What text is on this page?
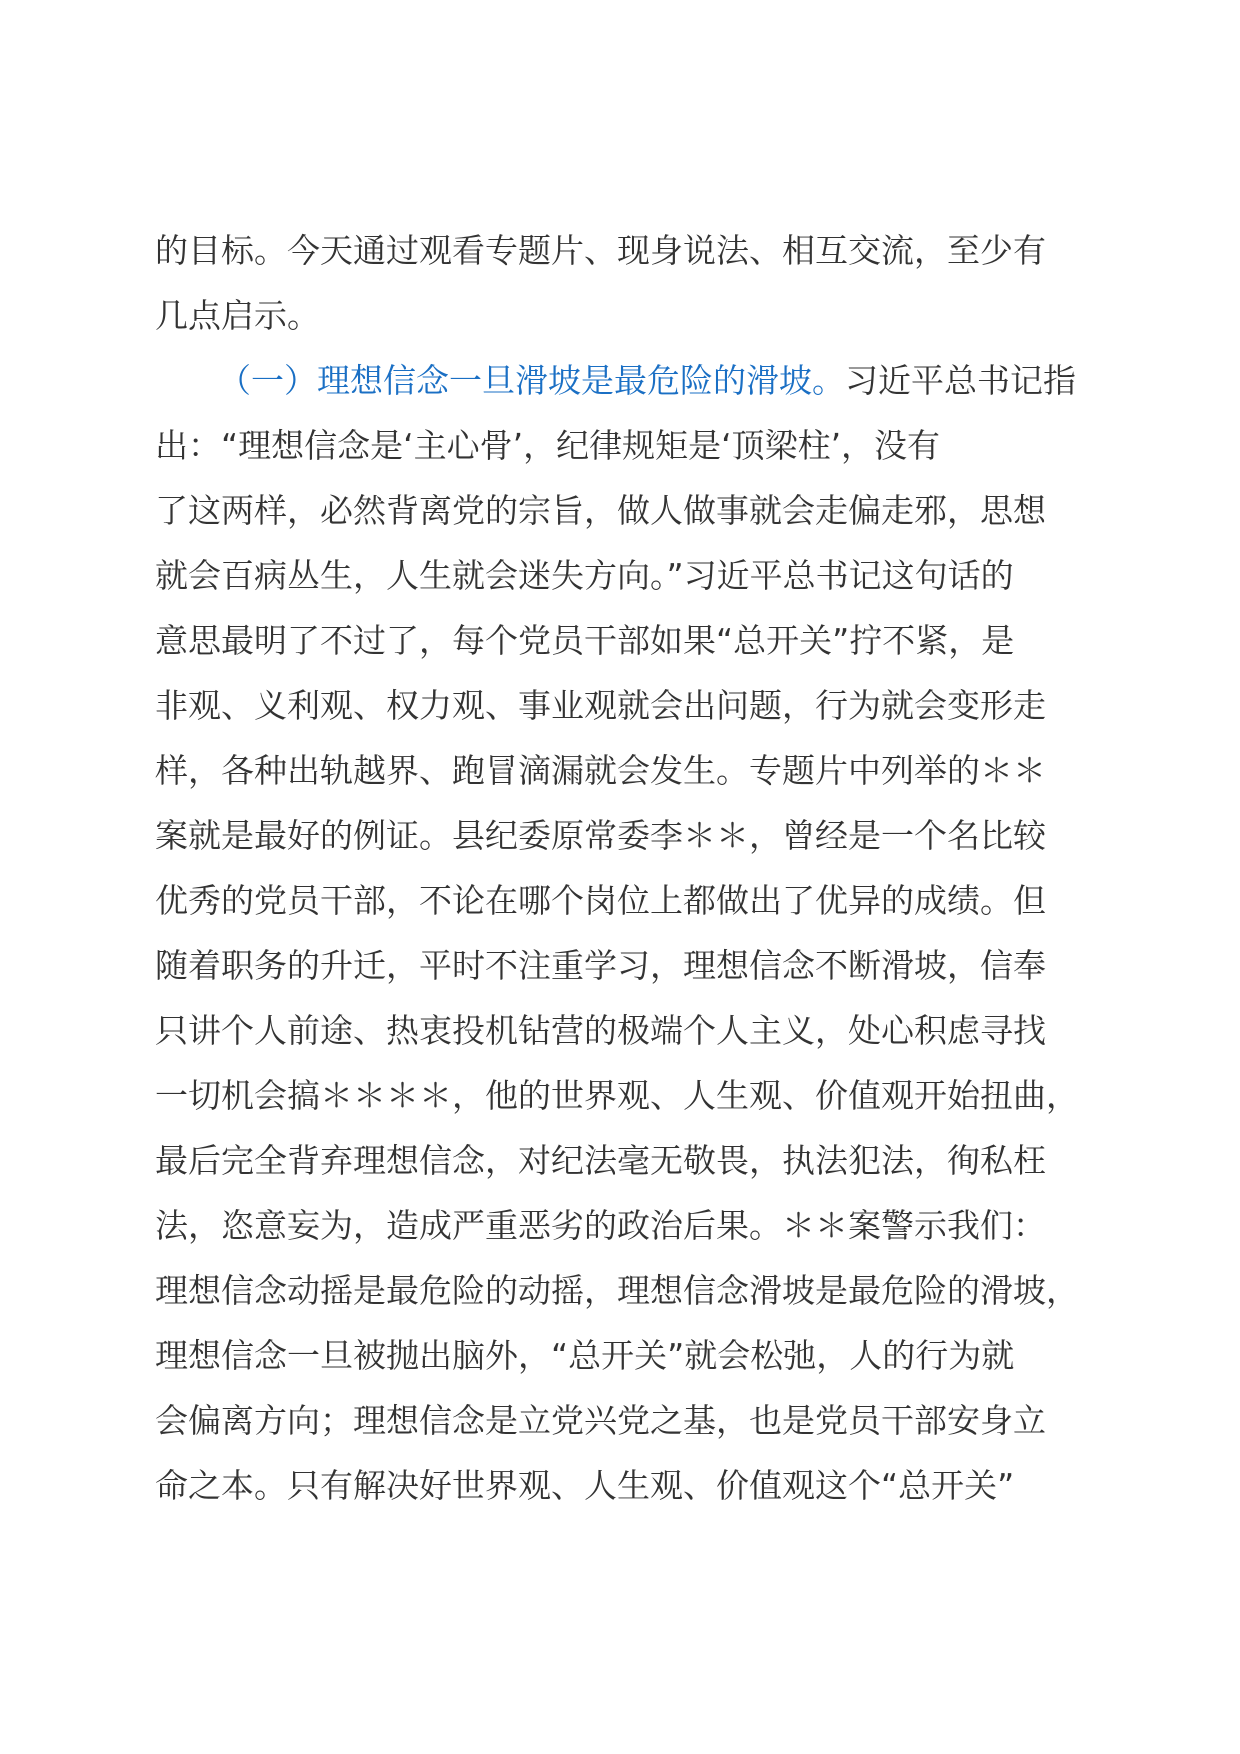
的目标。今天通过观看专题片、现身说法、相互交流，至少有
几点启示。
（一）理想信念一旦滑坡是最危险的滑坡。习近平总书记指
出：“理想信念是‘主心骨’，纪律规矩是‘顶梁柱’，没有
了这两样，必然背离党的宗旨，做人做事就会走偏走邪，思想
就会百病丛生，人生就会迷失方向。”习近平总书记这句话的
意思最明了不过了，每个党员干部如果“总开关”拧不紧，是
非观、义利观、权力观、事业观就会出问题，行为就会变形走
样，各种出轨越界、跑冒滴漏就会发生。专题片中列举的＊＊
案就是最好的例证。县纪委原常委李＊＊，曾经是一个名比较
优秀的党员干部，不论在哪个岗位上都做出了优异的成绩。但
随着职务的升迁，平时不注重学习，理想信念不断滑坡，信奉
只讲个人前途、热衷投机钻营的极端个人主义，处心积虑寻找
一切机会搞＊＊＊＊，他的世界观、人生观、价值观开始扭曲，
最后完全背弃理想信念，对纪法毫无敬畏，执法犯法，徇私枉
法，恣意妄为，造成严重恶劣的政治后果。＊＊案警示我们：
理想信念动摇是最危险的动摇，理想信念滑坡是最危险的滑坡，
理想信念一旦被抛出脑外，“总开关”就会松弛，人的行为就
会偏离方向；理想信念是立党兴党之基，也是党员干部安身立
命之本。只有解决好世界观、人生观、价值观这个“总开关”
